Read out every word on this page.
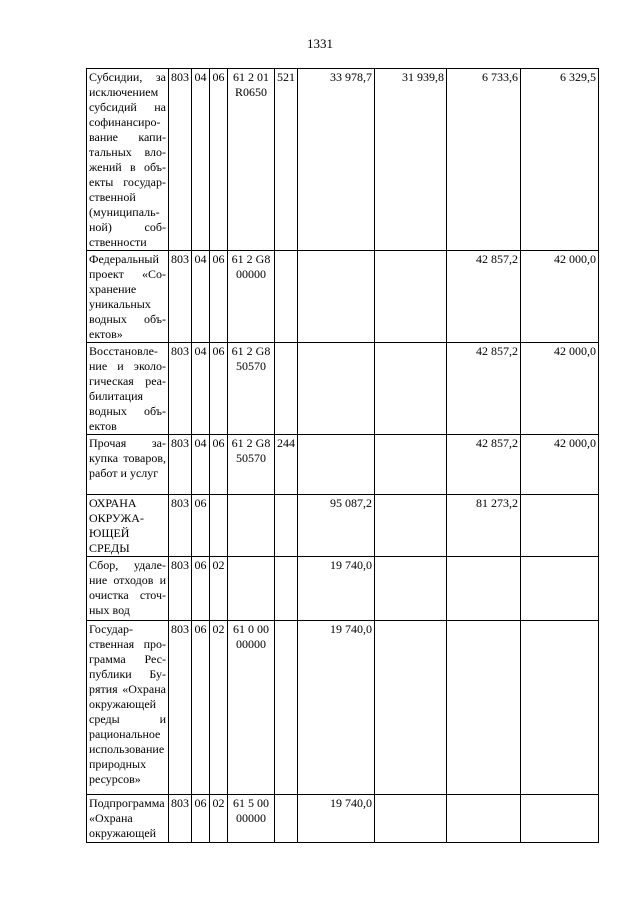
1331
Субсидии, за исключением субсидий на софинансирование капитальных вложений в объекты государственной (муниципальной) собственности	803	04	06	61 2 01 R0650	521	33 978,7	31 939,8	6 733,6	6 329,5
Федеральный проект «Сохранение уникальных водных объектов»	803	04	06	61 2 G8 00000				42 857,2	42 000,0
Восстановление и экологическая реабилитация водных объектов	803	04	06	61 2 G8 50570				42 857,2	42 000,0
Прочая закупка товаров, работ и услуг	803	04	06	61 2 G8 50570	244			42 857,2	42 000,0
ОХРАНА ОКРУЖАЮЩЕЙ СРЕДЫ	803	06				95 087,2		81 273,2	
Сбор, удаление отходов и очистка сточных вод	803	06	02			19 740,0			
Государственная программа Республики Бурятия «Охрана окружающей среды и рациональное использование природных ресурсов»	803	06	02	61 0 00 00000		19 740,0			
Подпрограмма «Охрана окружающей	803	06	02	61 5 00 00000		19 740,0			
